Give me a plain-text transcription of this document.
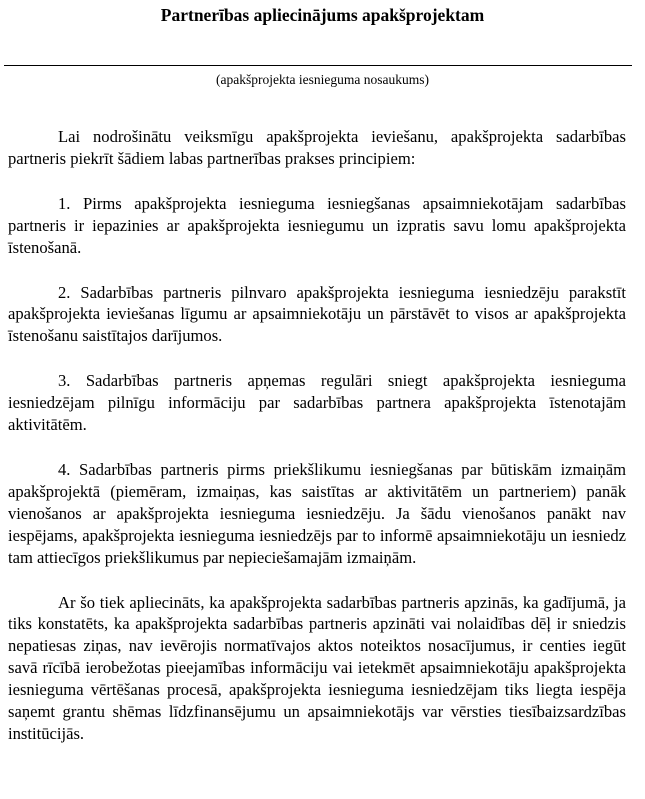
Partnerības apliecinājums apakšprojektam
(apakšprojekta iesnieguma nosaukums)

Lai nodrošinātu veiksmīgu apakšprojekta ieviešanu, apakšprojekta sadarbības partneris piekrīt šādiem labas partnerības prakses principiem:

1. Pirms apakšprojekta iesnieguma iesniegšanas apsaimniekotājam sadarbības partneris ir iepazinies ar apakšprojekta iesniegumu un izpratis savu lomu apakšprojekta īstenošanā.

2. Sadarbības partneris pilnvaro apakšprojekta iesnieguma iesniedzēju parakstīt apakšprojekta ieviešanas līgumu ar apsaimniekotāju un pārstāvēt to visos ar apakšprojekta īstenošanu saistītajos darījumos.

3. Sadarbības partneris apņemas regulāri sniegt apakšprojekta iesnieguma iesniedzējam pilnīgu informāciju par sadarbības partnera apakšprojekta īstenotajām aktivitātēm.

4. Sadarbības partneris pirms priekšlikumu iesniegšanas par būtiskām izmaiņām apakšprojektā (piemēram, izmaiņas, kas saistītas ar aktivitātēm un partneriem) panāk vienošanos ar apakšprojekta iesnieguma iesniedzēju. Ja šādu vienošanos panākt nav iespējams, apakšprojekta iesnieguma iesniedzējs par to informē apsaimniekotāju un iesniedz tam attiecīgos priekšlikumus par nepieciešamajām izmaiņām.

Ar šo tiek apliecināts, ka apakšprojekta sadarbības partneris apzinās, ka gadījumā, ja tiks konstatēts, ka apakšprojekta sadarbības partneris apzināti vai nolaidības dēļ ir sniedzis nepatiesas ziņas, nav ievērojis normatīvajos aktos noteiktos nosacījumus, ir centies iegūt savā rīcībā ierobežotas pieejamības informāciju vai ietekmēt apsaimniekotāju apakšprojekta iesnieguma vērtēšanas procesā, apakšprojekta iesnieguma iesniedzējam tiks liegta iespēja saņemt grantu shēmas līdzfinansējumu un apsaimniekotājs var vērsties tiesībaizsardzības institūcijās.
